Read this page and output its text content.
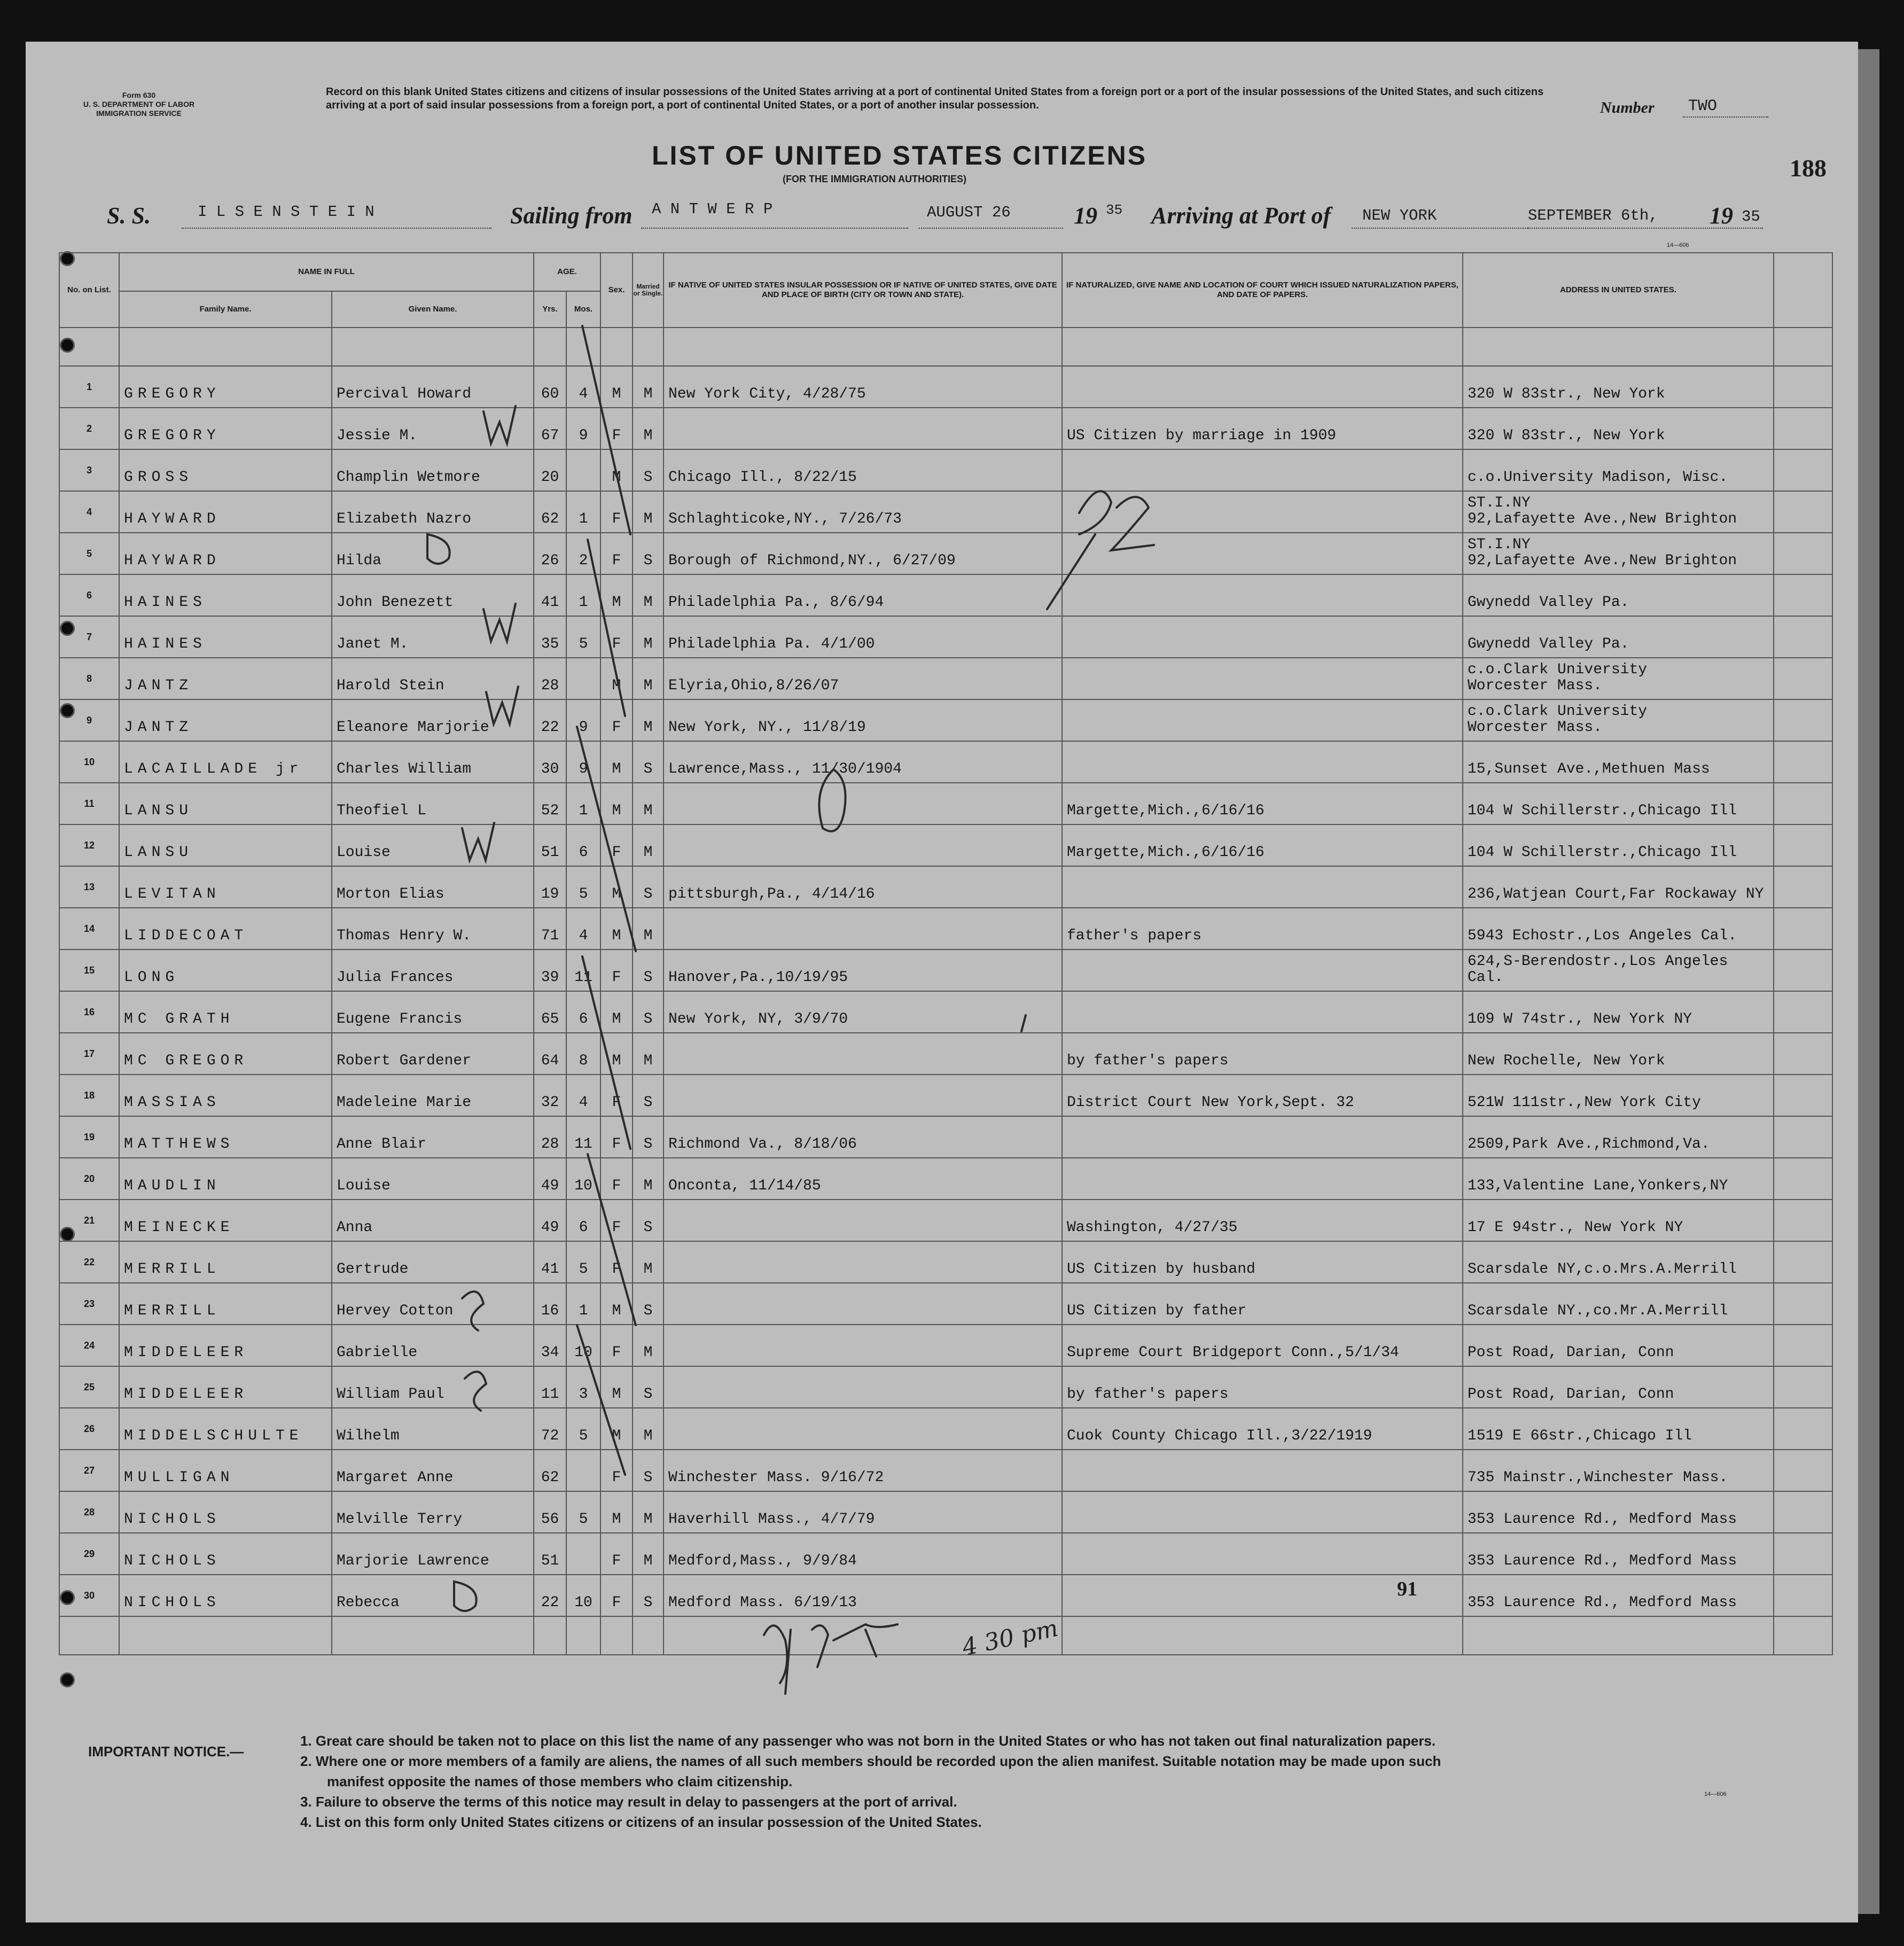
Form 630
U. S. DEPARTMENT OF LABOR
IMMIGRATION SERVICE
Record on this blank United States citizens and citizens of insular possessions of the United States arriving at a port of continental United States from a foreign port or a port of the insular possessions of the United States, and such citizens arriving at a port of said insular possessions from a foreign port, a port of continental United States, or a port of another insular possession.	Number TWO
188
LIST OF UNITED STATES CITIZENS
(FOR THE IMMIGRATION AUTHORITIES)
S. S.	I L S E N S T E I N	Sailing from A N T W E R P	AUGUST 26	19 35 Arriving at Port of NEW YORK	SEPTEMBER 6th, 19 35
14—606
No. on List.	NAME IN FULL		AGE.		Sex.	Married or Single.	IF NATIVE OF UNITED STATES INSULAR POSSESSION OR IF NATIVE OF UNITED STATES, GIVE DATE AND PLACE OF BIRTH (CITY OR TOWN AND STATE).	IF NATURALIZED, GIVE NAME AND LOCATION OF COURT WHICH ISSUED NATURALIZATION PAPERS, AND DATE OF PAPERS.	ADDRESS IN UNITED STATES.	
	Family Name.	Given Name.	Yrs.	Mos.						

1	GREGORY	Percival Howard	60	4	M	M	New York City, 4/28/75		320 W 83str., New York	

2	GREGORY	Jessie M.	67	9	F	M		US Citizen by marriage in 1909	320 W 83str., New York	

3	GROSS	Champlin Wetmore	20		M	S	Chicago Ill., 8/22/15		c.o.University Madison, Wisc.	

4	HAYWARD	Elizabeth Nazro	62	1	F	M	Schlaghticoke,NY., 7/26/73		ST.I.NY
92,Lafayette Ave.,New Brighton	

5	HAYWARD	Hilda	26	2	F	S	Borough of Richmond,NY., 6/27/09		ST.I.NY
92,Lafayette Ave.,New Brighton	

6	HAINES	John Benezett	41	1	M	M	Philadelphia Pa., 8/6/94		Gwynedd Valley Pa.	

7	HAINES	Janet M.	35	5	F	M	Philadelphia Pa. 4/1/00		Gwynedd Valley Pa.	

8	JANTZ	Harold Stein	28		M	M	Elyria,Ohio,8/26/07		c.o.Clark University
Worcester Mass.	

9	JANTZ	Eleanore Marjorie	22	9	F	M	New York, NY., 11/8/19		c.o.Clark University
Worcester Mass.	

10	LACAILLADE jr	Charles William	30	9	M	S	Lawrence,Mass., 11/30/1904		15,Sunset Ave.,Methuen Mass	

11	LANSU	Theofiel L	52	1	M	M		Margette,Mich.,6/16/16	104 W Schillerstr.,Chicago Ill	

12	LANSU	Louise	51	6	F	M		Margette,Mich.,6/16/16	104 W Schillerstr.,Chicago Ill	

13	LEVITAN	Morton Elias	19	5	M	S	pittsburgh,Pa., 4/14/16		236,Watjean Court,Far Rockaway NY	

14	LIDDECOAT	Thomas Henry W.	71	4	M	M		father's papers	5943 Echostr.,Los Angeles Cal.	

15	LONG	Julia Frances	39	11	F	S	Hanover,Pa.,10/19/95		624,S-Berendostr.,Los Angeles Cal.	

16	MC GRATH	Eugene Francis	65	6	M	S	New York, NY, 3/9/70		109 W 74str., New York NY	

17	MC GREGOR	Robert Gardener	64	8	M	M		by father's papers	New Rochelle, New York	

18	MASSIAS	Madeleine Marie	32	4	F	S		District Court New York,Sept. 32	521W 111str.,New York City	

19	MATTHEWS	Anne Blair	28	11	F	S	Richmond Va., 8/18/06		2509,Park Ave.,Richmond,Va.	

20	MAUDLIN	Louise	49	10	F	M	Onconta, 11/14/85		133,Valentine Lane,Yonkers,NY	

21	MEINECKE	Anna	49	6	F	S		Washington, 4/27/35	17 E 94str., New York NY	

22	MERRILL	Gertrude	41	5	F	M		US Citizen by husband	Scarsdale NY,c.o.Mrs.A.Merrill	

23	MERRILL	Hervey Cotton	16	1	M	S		US Citizen by father	Scarsdale NY.,co.Mr.A.Merrill	

24	MIDDELEER	Gabrielle	34	10	F	M		Supreme Court Bridgeport Conn.,5/1/34	Post Road, Darian, Conn	

25	MIDDELEER	William Paul	11	3	M	S		by father's papers	Post Road, Darian, Conn	

26	MIDDELSCHULTE	Wilhelm	72	5	M	M		Cuok County Chicago Ill.,3/22/1919	1519 E 66str.,Chicago Ill	

27	MULLIGAN	Margaret Anne	62		F	S	Winchester Mass. 9/16/72		735 Mainstr.,Winchester Mass.	

28	NICHOLS	Melville Terry	56	5	M	M	Haverhill Mass., 4/7/79		353 Laurence Rd., Medford Mass	

29	NICHOLS	Marjorie Lawrence	51		F	M	Medford,Mass., 9/9/84		353 Laurence Rd., Medford Mass	

30	NICHOLS	Rebecca	22	10	F	S	Medford Mass. 6/19/13		353 Laurence Rd., Medford Mass	

91
4 30 pm
IMPORTANT NOTICE.—
1. Great care should be taken not to place on this list the name of any passenger who was not born in the United States or who has not taken out final naturalization papers.
2. Where one or more members of a family are aliens, the names of all such members should be recorded upon the alien manifest. Suitable notation may be made upon such
manifest opposite the names of those members who claim citizenship.
3. Failure to observe the terms of this notice may result in delay to passengers at the port of arrival.
4. List on this form only United States citizens or citizens of an insular possession of the United States.
14—606
